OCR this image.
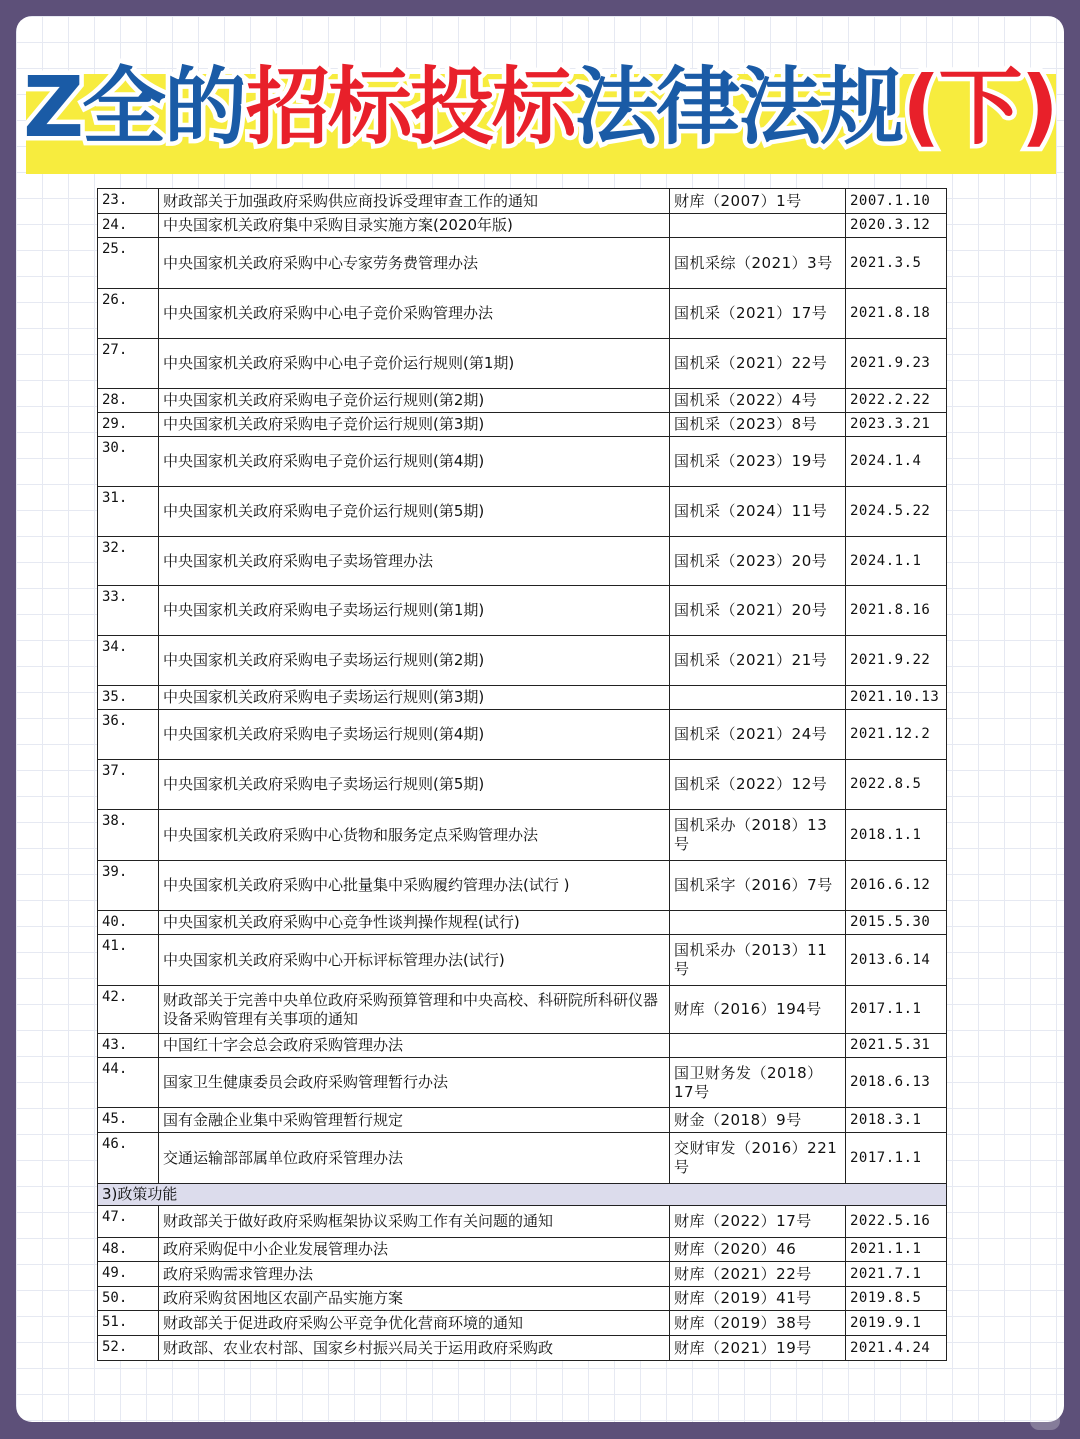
Z全的招标投标法律法规(下)
23.	财政部关于加强政府采购供应商投诉受理审查工作的通知	财库（2007）1号	2007.1.10
24.	中央国家机关政府集中采购目录实施方案(2020年版)		2020.3.12
25.	中央国家机关政府采购中心专家劳务费管理办法	国机采综（2021）3号	2021.3.5
26.	中央国家机关政府采购中心电子竞价采购管理办法	国机采（2021）17号	2021.8.18
27.	中央国家机关政府采购中心电子竞价运行规则(第1期)	国机采（2021）22号	2021.9.23
28.	中央国家机关政府采购电子竞价运行规则(第2期)	国机采（2022）4号	2022.2.22
29.	中央国家机关政府采购电子竞价运行规则(第3期)	国机采（2023）8号	2023.3.21
30.	中央国家机关政府采购电子竞价运行规则(第4期)	国机采（2023）19号	2024.1.4
31.	中央国家机关政府采购电子竞价运行规则(第5期)	国机采（2024）11号	2024.5.22
32.	中央国家机关政府采购电子卖场管理办法	国机采（2023）20号	2024.1.1
33.	中央国家机关政府采购电子卖场运行规则(第1期)	国机采（2021）20号	2021.8.16
34.	中央国家机关政府采购电子卖场运行规则(第2期)	国机采（2021）21号	2021.9.22
35.	中央国家机关政府采购电子卖场运行规则(第3期)		2021.10.13
36.	中央国家机关政府采购电子卖场运行规则(第4期)	国机采（2021）24号	2021.12.2
37.	中央国家机关政府采购电子卖场运行规则(第5期)	国机采（2022）12号	2022.8.5
38.	中央国家机关政府采购中心货物和服务定点采购管理办法	国机采办（2018）13号	2018.1.1
39.	中央国家机关政府采购中心批量集中采购履约管理办法(试行 )	国机采字（2016）7号	2016.6.12
40.	中央国家机关政府采购中心竞争性谈判操作规程(试行)		2015.5.30
41.	中央国家机关政府采购中心开标评标管理办法(试行)	国机采办（2013）11号	2013.6.14
42.	财政部关于完善中央单位政府采购预算管理和中央高校、科研院所科研仪器设备采购管理有关事项的通知	财库（2016）194号	2017.1.1
43.	中国红十字会总会政府采购管理办法		2021.5.31
44.	国家卫生健康委员会政府采购管理暂行办法	国卫财务发（2018）17号	2018.6.13
45.	国有金融企业集中采购管理暂行规定	财金（2018）9号	2018.3.1
46.	交通运输部部属单位政府采管理办法	交财审发（2016）221号	2017.1.1
3)政策功能			
47.	财政部关于做好政府采购框架协议采购工作有关问题的通知	财库（2022）17号	2022.5.16
48.	政府采购促中小企业发展管理办法	财库（2020）46	2021.1.1
49.	政府采购需求管理办法	财库（2021）22号	2021.7.1
50.	政府采购贫困地区农副产品实施方案	财库（2019）41号	2019.8.5
51.	财政部关于促进政府采购公平竞争优化营商环境的通知	财库（2019）38号	2019.9.1
52.	财政部、农业农村部、国家乡村振兴局关于运用政府采购政	财库（2021）19号	2021.4.24
